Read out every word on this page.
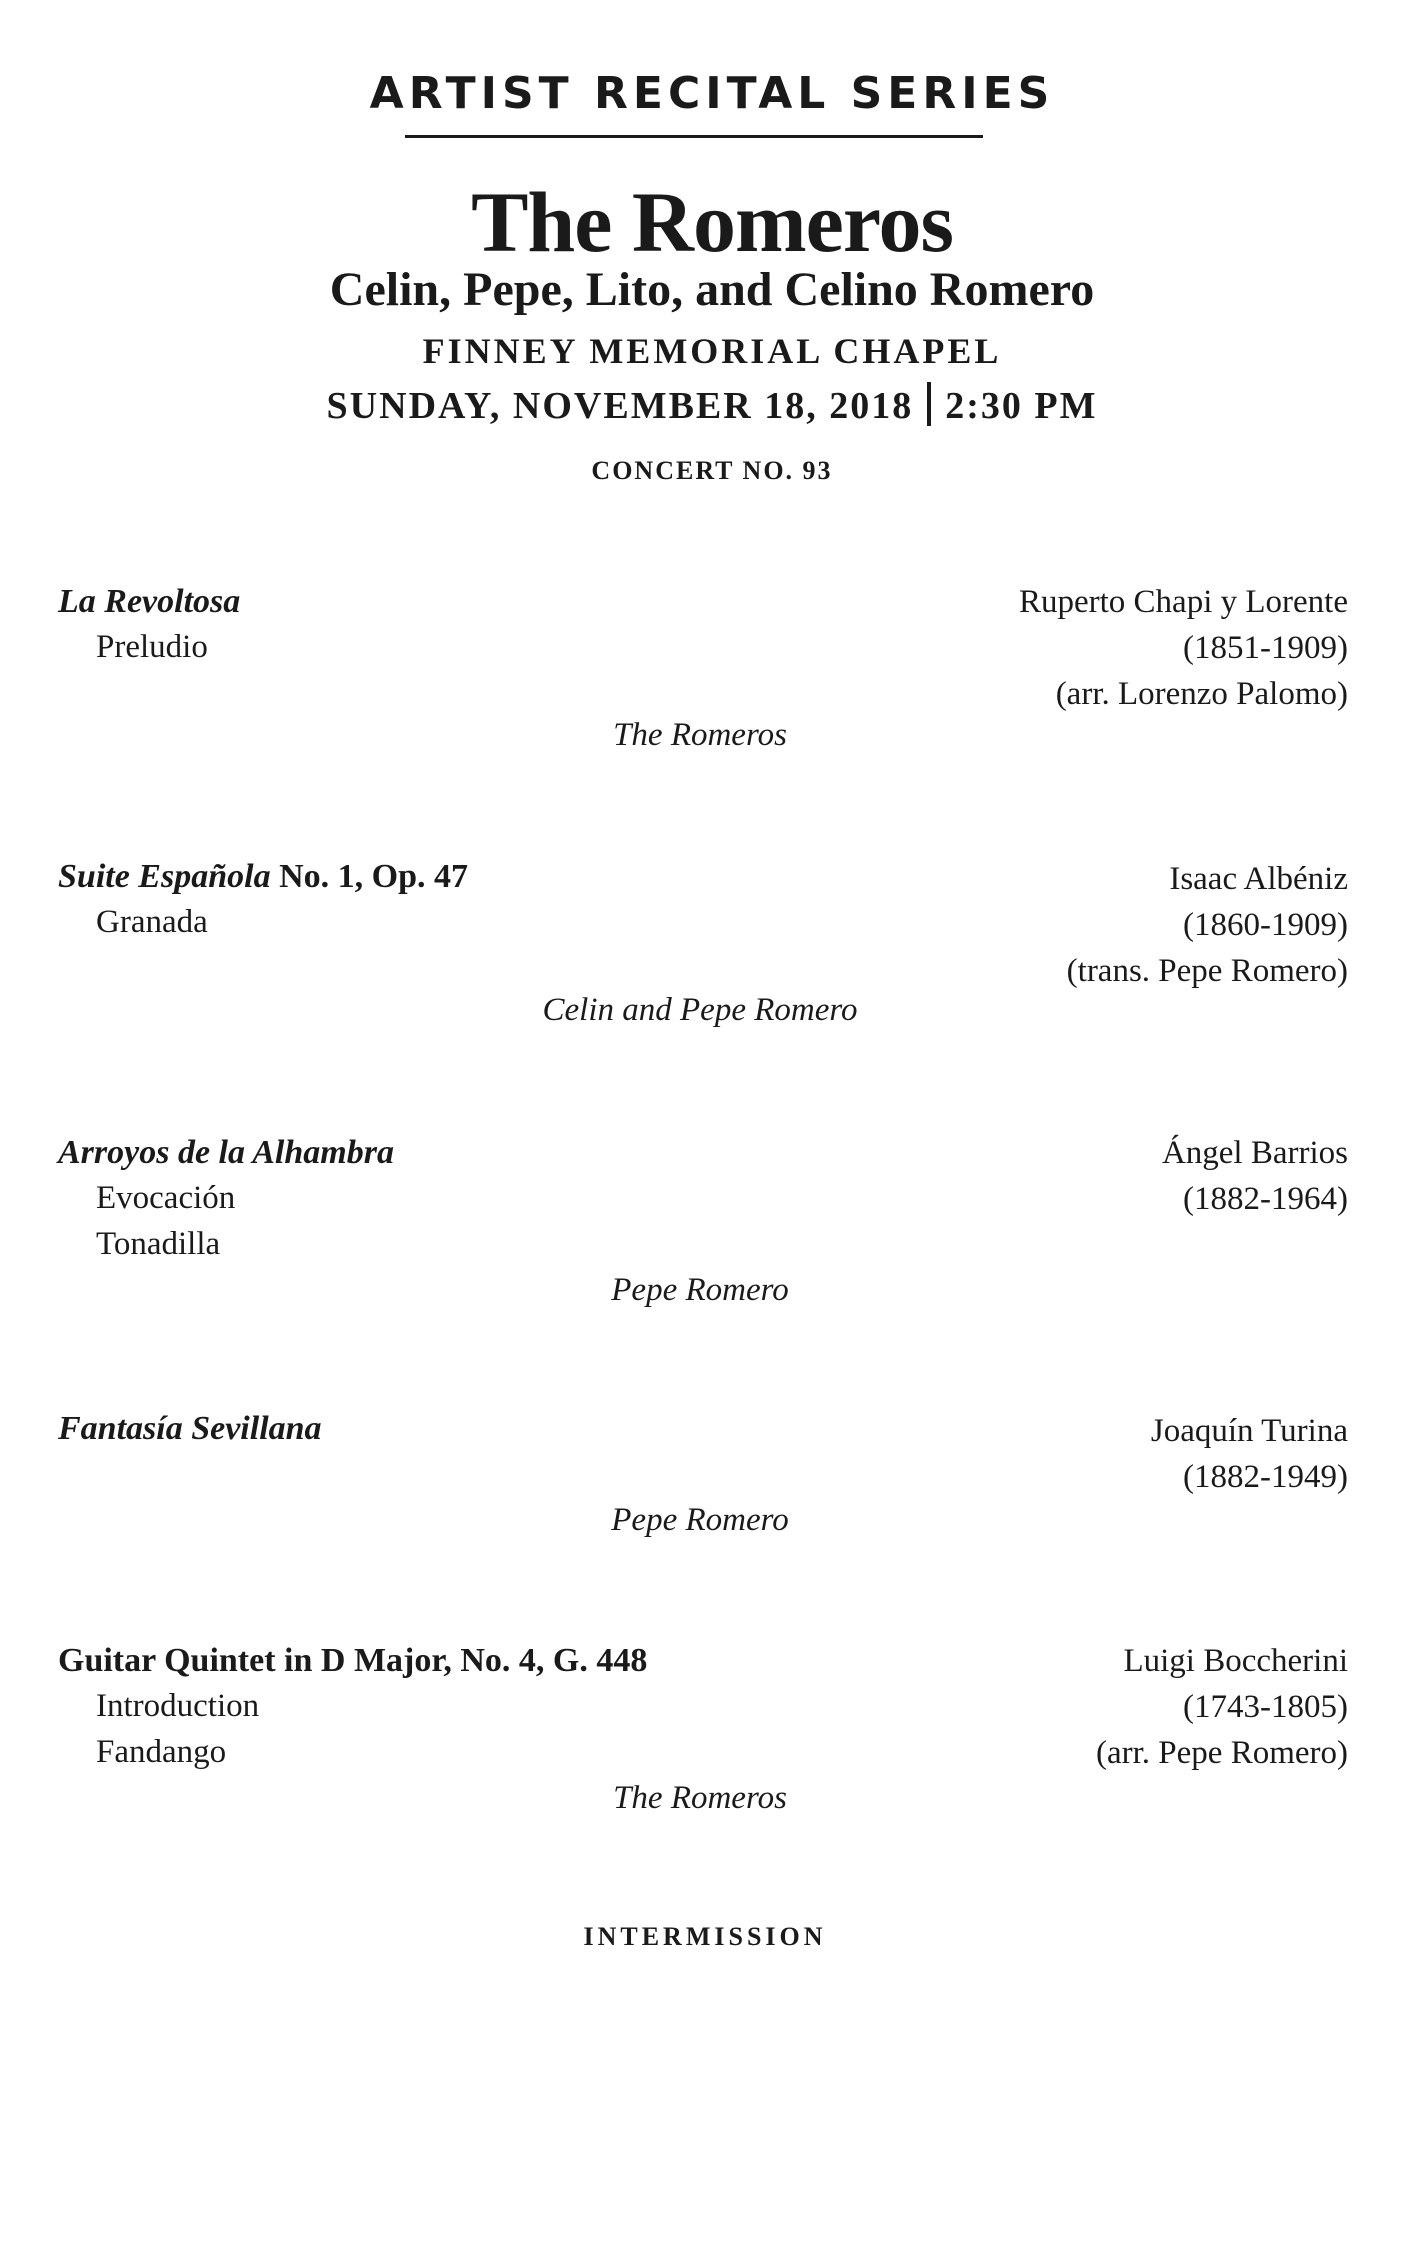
ARTIST RECITAL SERIES
The Romeros
Celin, Pepe, Lito, and Celino Romero
FINNEY MEMORIAL CHAPEL
SUNDAY, NOVEMBER 18, 2018 2:30 PM
CONCERT NO. 93
La Revoltosa
Preludio
The Romeros
Ruperto Chapi y Lorente
(1851-1909)
(arr. Lorenzo Palomo)
Suite Española No. 1, Op. 47
Granada
Celin and Pepe Romero
Isaac Albéniz
(1860-1909)
(trans. Pepe Romero)
Arroyos de la Alhambra
Evocación
Tonadilla
Pepe Romero
Ángel Barrios
(1882-1964)
Fantasía Sevillana
Pepe Romero
Joaquín Turina
(1882-1949)
Guitar Quintet in D Major, No. 4, G. 448
Introduction
Fandango
The Romeros
Luigi Boccherini
(1743-1805)
(arr. Pepe Romero)
INTERMISSION
